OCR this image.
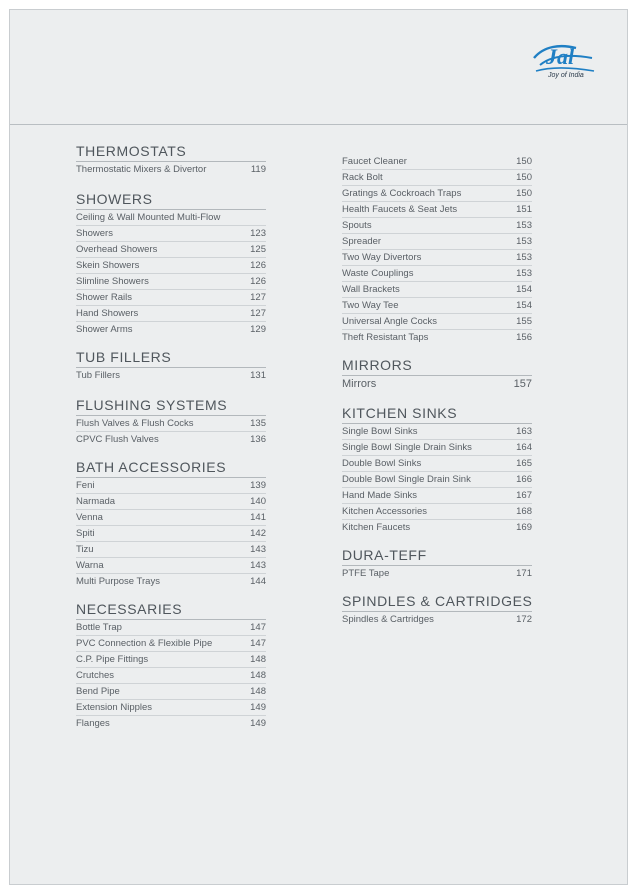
Jal
Joy of India
THERMOSTATS
Thermostatic Mixers & Divertor	119
SHOWERS
Ceiling & Wall Mounted Multi-Flow
Showers	123
Overhead Showers	125
Skein Showers	126
Slimline Showers	126
Shower Rails	127
Hand Showers	127
Shower Arms	129
TUB FILLERS
Tub Fillers	131
FLUSHING SYSTEMS
Flush Valves & Flush Cocks	135
CPVC Flush Valves	136
BATH ACCESSORIES
Feni	139
Narmada	140
Venna	141
Spiti	142
Tizu	143
Warna	143
Multi Purpose Trays	144
NECESSARIES
Bottle Trap	147
PVC Connection & Flexible Pipe	147
C.P. Pipe Fittings	148
Crutches	148
Bend Pipe	148
Extension Nipples	149
Flanges	149
Faucet Cleaner	150
Rack Bolt	150
Gratings & Cockroach Traps	150
Health Faucets & Seat Jets	151
Spouts	153
Spreader	153
Two Way Divertors	153
Waste Couplings	153
Wall Brackets	154
Two Way Tee	154
Universal Angle Cocks	155
Theft Resistant Taps	156
MIRRORS
Mirrors	157
KITCHEN SINKS
Single Bowl Sinks	163
Single Bowl Single Drain Sinks	164
Double Bowl Sinks	165
Double Bowl Single Drain Sink	166
Hand Made Sinks	167
Kitchen Accessories	168
Kitchen Faucets	169
DURA-TEFF
PTFE Tape	171
SPINDLES & CARTRIDGES
Spindles & Cartridges	172
